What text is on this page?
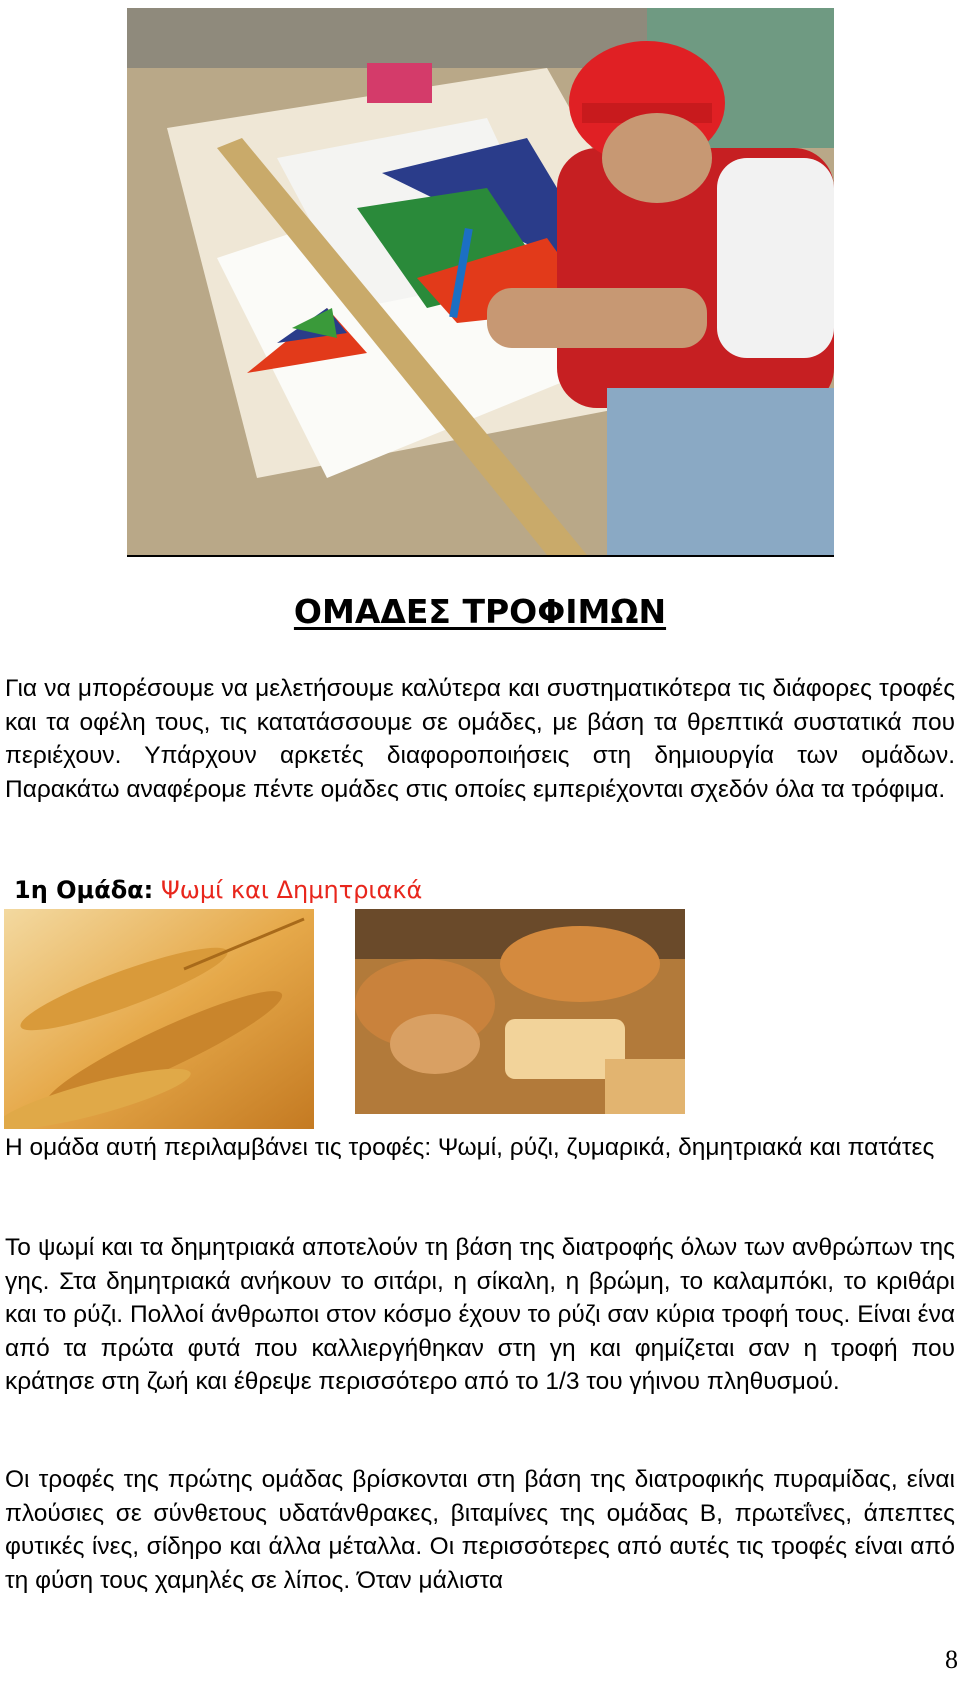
ΟΜΑΔΕΣ ΤΡΟΦΙΜΩΝ

Για να μπορέσουμε να μελετήσουμε καλύτερα και συστηματικότερα τις διάφορες τροφές και τα οφέλη τους, τις κατατάσσουμε σε ομάδες, με βάση τα θρεπτικά συστατικά που περιέχουν. Υπάρχουν αρκετές διαφοροποιήσεις στη δημιουργία των ομάδων. Παρακάτω αναφέρομε πέντε ομάδες στις οποίες εμπεριέχονται σχεδόν όλα τα τρόφιμα.

1η Ομάδα: Ψωμί και Δημητριακά

Η ομάδα αυτή περιλαμβάνει τις τροφές: Ψωμί, ρύζι, ζυμαρικά, δημητριακά και πατάτες

Το ψωμί και τα δημητριακά αποτελούν τη βάση της διατροφής όλων των ανθρώπων της γης. Στα δημητριακά ανήκουν το σιτάρι, η σίκαλη, η βρώμη, το καλαμπόκι, το κριθάρι και το ρύζι. Πολλοί άνθρωποι στον κόσμο έχουν το ρύζι σαν κύρια τροφή τους. Είναι ένα από τα πρώτα φυτά που καλλιεργήθηκαν στη γη και φημίζεται σαν η τροφή που κράτησε στη ζωή και έθρεψε περισσότερο από το 1/3 του γήινου πληθυσμού.

Οι τροφές της πρώτης ομάδας βρίσκονται στη βάση της διατροφικής πυραμίδας, είναι πλούσιες σε σύνθετους υδατάνθρακες, βιταμίνες της ομάδας Β, πρωτεΐνες, άπεπτες φυτικές ίνες, σίδηρο και άλλα μέταλλα. Οι περισσότερες από αυτές τις τροφές είναι από τη φύση τους χαμηλές σε λίπος. Όταν μάλιστα

8
